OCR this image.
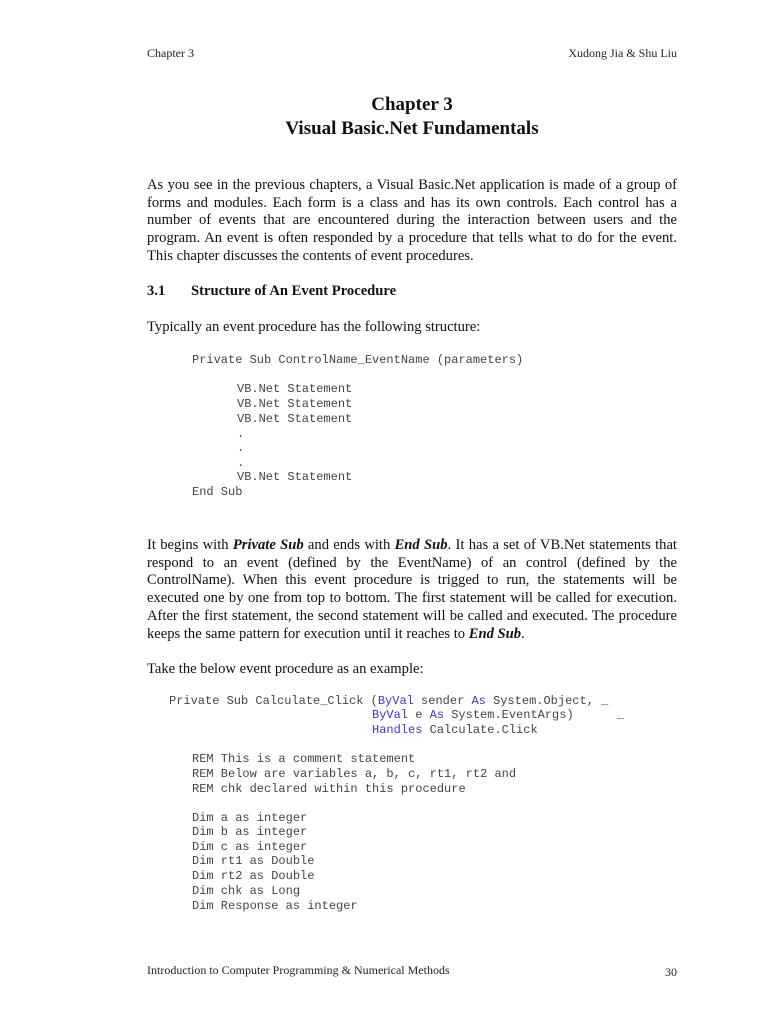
Chapter 3	Xudong Jia & Shu Liu
Chapter 3
Visual Basic.Net Fundamentals

As you see in the previous chapters, a Visual Basic.Net application is made of a group of forms and modules. Each form is a class and has its own controls. Each control has a number of events that are encountered during the interaction between users and the program. An event is often responded by a procedure that tells what to do for the event. This chapter discusses the contents of event procedures.

3.1 Structure of An Event Procedure

Typically an event procedure has the following structure:

Private Sub ControlName_EventName (parameters)
VB.Net Statement
VB.Net Statement
VB.Net Statement
.
.
.
VB.Net Statement
End Sub

It begins with Private Sub and ends with End Sub. It has a set of VB.Net statements that respond to an event (defined by the EventName) of an control (defined by the ControlName). When this event procedure is trigged to run, the statements will be executed one by one from top to bottom. The first statement will be called for execution. After the first statement, the second statement will be called and executed. The procedure keeps the same pattern for execution until it reaches to End Sub.

Take the below event procedure as an example:

Private Sub Calculate_Click (ByVal sender As System.Object, _
ByVal e As System.EventArgs)      _
Handles Calculate.Click
REM This is a comment statement
REM Below are variables a, b, c, rt1, rt2 and
REM chk declared within this procedure
Dim a as integer
Dim b as integer
Dim c as integer
Dim rt1 as Double
Dim rt2 as Double
Dim chk as Long
Dim Response as integer
Introduction to Computer Programming & Numerical Methods	30
